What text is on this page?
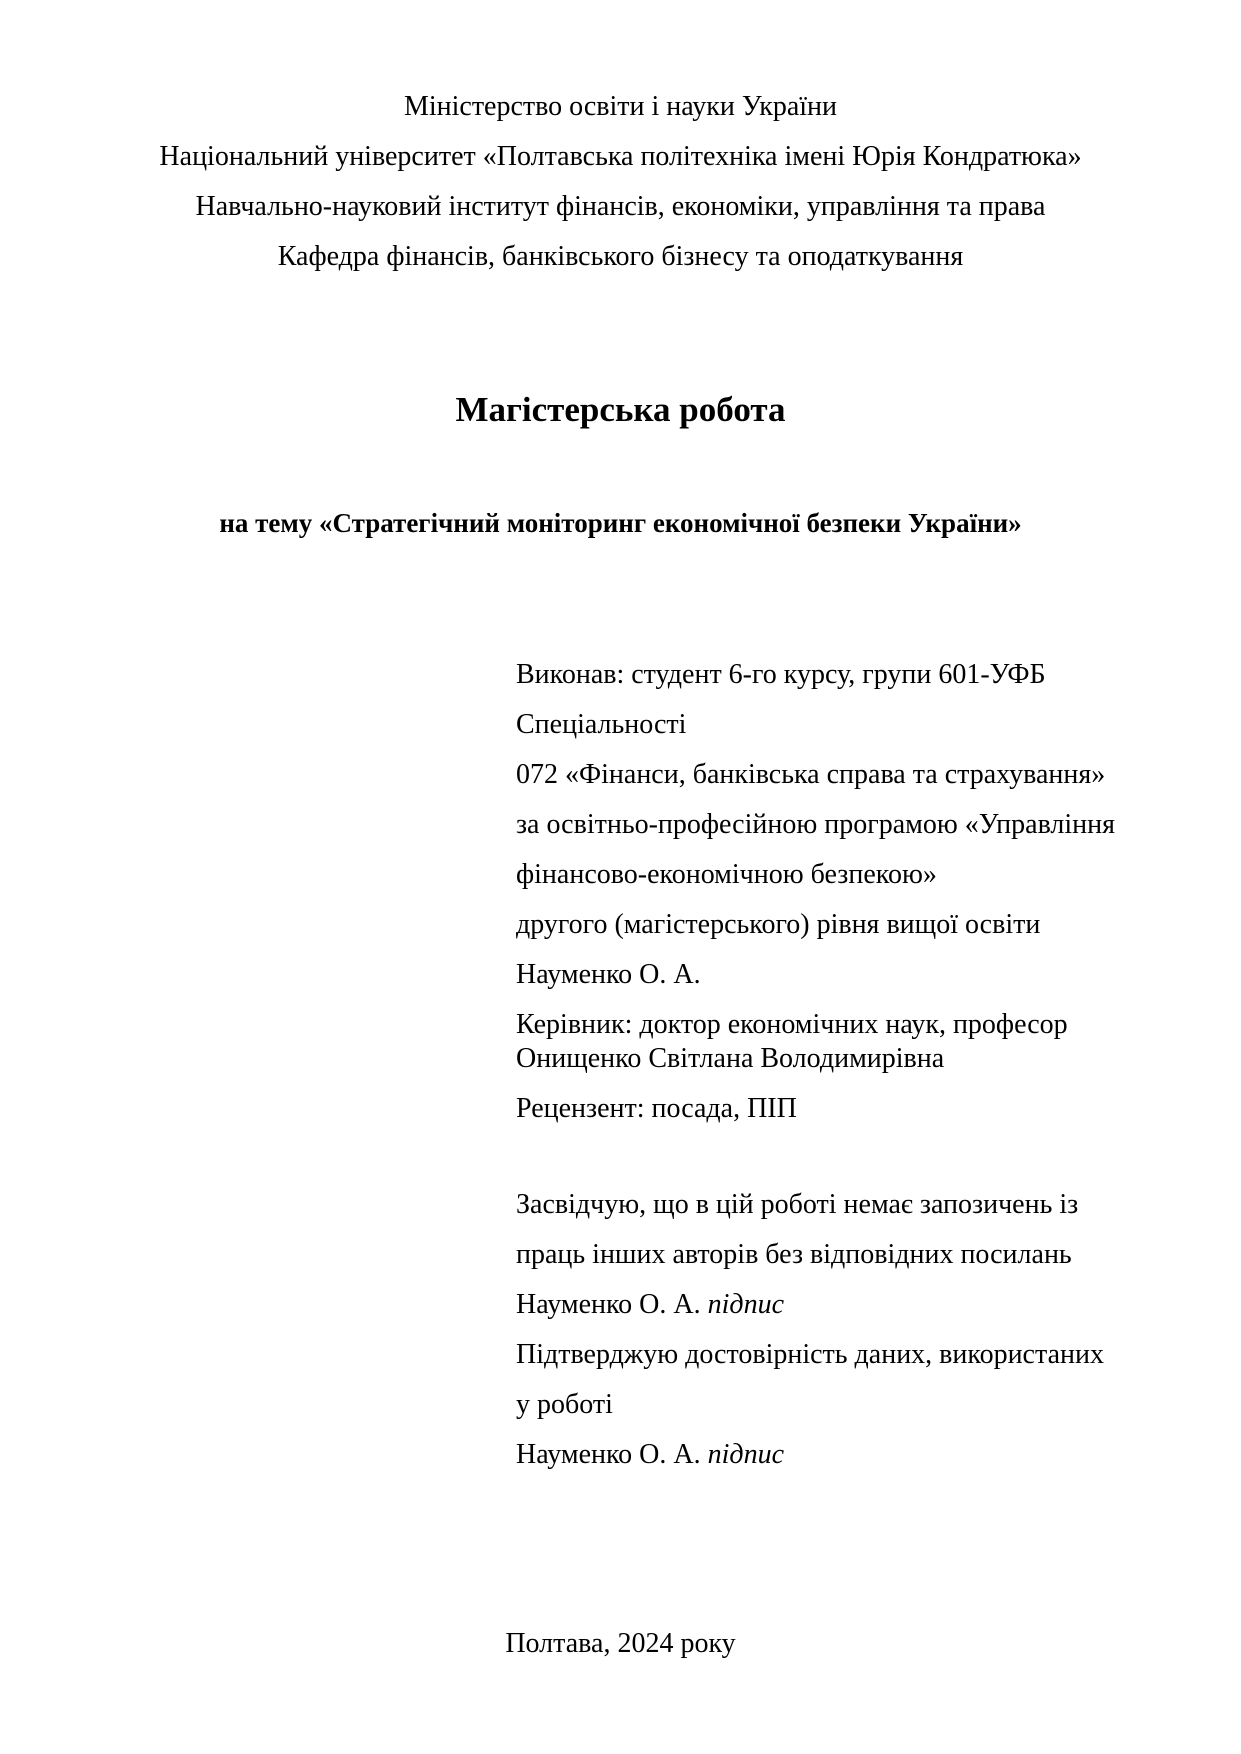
Міністерство освіти і науки України
Національний університет «Полтавська політехніка імені Юрія Кондратюка»
Навчально-науковий інститут фінансів, економіки, управління та права
Кафедра фінансів, банківського бізнесу та оподаткування
Магістерська робота
на тему «Стратегічний моніторинг економічної безпеки України»
Виконав: студент 6-го курсу, групи 601-УФБ
Спеціальності
072 «Фінанси, банківська справа та страхування»
за освітньо-професійною програмою «Управління
фінансово-економічною безпекою»
другого (магістерського) рівня вищої освіти
Науменко О. А.
Керівник: доктор економічних наук, професор
Онищенко Світлана Володимирівна
Рецензент: посада, ПІП
Засвідчую, що в цій роботі немає запозичень із
праць інших авторів без відповідних посилань
Науменко О. А. підпис
Підтверджую достовірність даних, використаних
у роботі
Науменко О. А. підпис
Полтава, 2024 року
